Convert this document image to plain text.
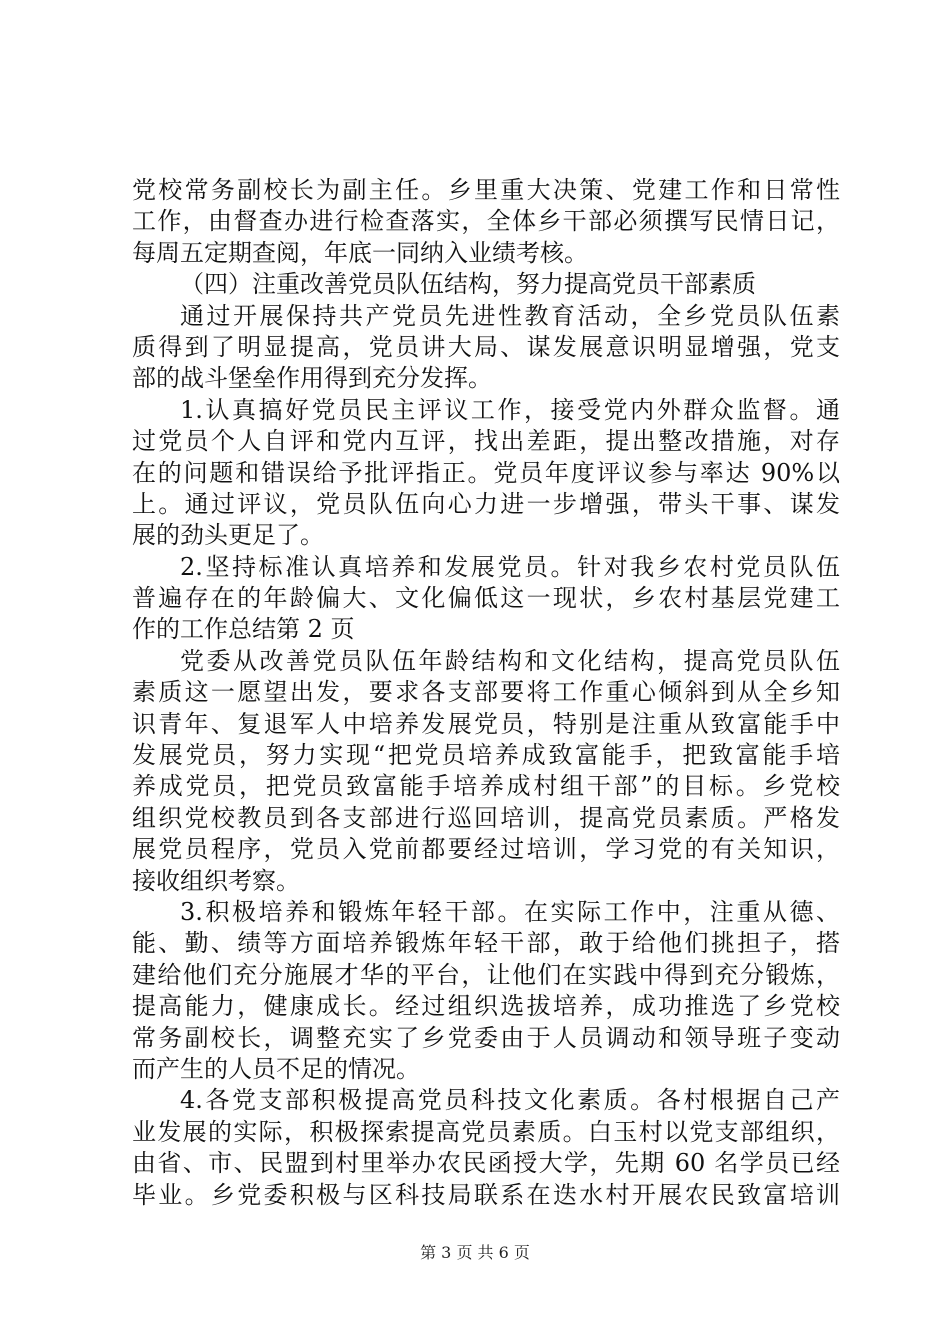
党校常务副校长为副主任。乡里重大决策、党建工作和日常性
工作，由督查办进行检查落实，全体乡干部必须撰写民情日记，
每周五定期查阅，年底一同纳入业绩考核。
（四）注重改善党员队伍结构，努力提高党员干部素质
通过开展保持共产党员先进性教育活动，全乡党员队伍素
质得到了明显提高，党员讲大局、谋发展意识明显增强，党支
部的战斗堡垒作用得到充分发挥。
1.认真搞好党员民主评议工作，接受党内外群众监督。通
过党员个人自评和党内互评，找出差距，提出整改措施，对存
在的问题和错误给予批评指正。党员年度评议参与率达 90%以
上。通过评议，党员队伍向心力进一步增强，带头干事、谋发
展的劲头更足了。
2.坚持标准认真培养和发展党员。针对我乡农村党员队伍
普遍存在的年龄偏大、文化偏低这一现状，乡农村基层党建工
作的工作总结第 2 页
党委从改善党员队伍年龄结构和文化结构，提高党员队伍
素质这一愿望出发，要求各支部要将工作重心倾斜到从全乡知
识青年、复退军人中培养发展党员，特别是注重从致富能手中
发展党员，努力实现“把党员培养成致富能手，把致富能手培
养成党员，把党员致富能手培养成村组干部”的目标。乡党校
组织党校教员到各支部进行巡回培训，提高党员素质。严格发
展党员程序，党员入党前都要经过培训，学习党的有关知识，
接收组织考察。
3.积极培养和锻炼年轻干部。在实际工作中，注重从德、
能、勤、绩等方面培养锻炼年轻干部，敢于给他们挑担子，搭
建给他们充分施展才华的平台，让他们在实践中得到充分锻炼，
提高能力，健康成长。经过组织选拔培养，成功推选了乡党校
常务副校长，调整充实了乡党委由于人员调动和领导班子变动
而产生的人员不足的情况。
4.各党支部积极提高党员科技文化素质。各村根据自己产
业发展的实际，积极探索提高党员素质。白玉村以党支部组织，
由省、市、民盟到村里举办农民函授大学，先期 60 名学员已经
毕业。乡党委积极与区科技局联系在迭水村开展农民致富培训
第 3 页 共 6 页
